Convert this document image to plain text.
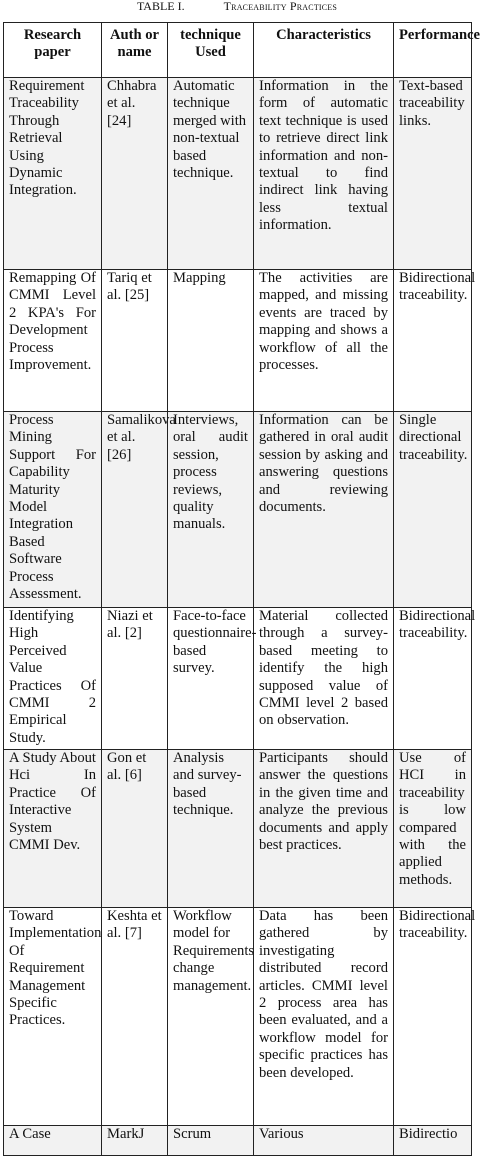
TABLE I.	Traceability Practices
Research paper	Auth or name	technique Used	Characteristics	Performance
Requirement Traceability Through Retrieval Using Dynamic Integration.	Chhabra et al. [24]	Automatic technique merged with non-textual based technique.	Information in the form of automatic text technique is used to retrieve direct link information and non-textual to find indirect link having less textual information.	Text-based traceability links.
Remapping Of CMMI Level 2 KPA's For Development Process Improvement.	Tariq et al. [25]	Mapping	The activities are mapped, and missing events are traced by mapping and shows a workflow of all the processes.	Bidirectional traceability.
Process Mining Support For Capability Maturity Model Integration Based Software Process Assessment.	Samalikova et al. [26]	Interviews, oral audit session, process reviews, quality manuals.	Information can be gathered in oral audit session by asking and answering questions and reviewing documents.	Single directional traceability.
Identifying High Perceived Value Practices Of CMMI 2 Empirical Study.	Niazi et al. [2]	Face-to-face questionnaire-based survey.	Material collected through a survey-based meeting to identify the high supposed value of CMMI level 2 based on observation.	Bidirectional traceability.
A Study About Hci In Practice Of Interactive System CMMI Dev.	Gon et al. [6]	Analysis and survey-based technique.	Participants should answer the questions in the given time and analyze the previous documents and apply best practices.	Use of HCI in traceability is low compared with the applied methods.
Toward Implementation Of Requirement Management Specific Practices.	Keshta et al. [7]	Workflow model for Requirements change management.	Data has been gathered by investigating distributed record articles. CMMI level 2 process area has been evaluated, and a workflow model for specific practices has been developed.	Bidirectional traceability.
A Case	MarkJ	Scrum	Various	Bidirectio
